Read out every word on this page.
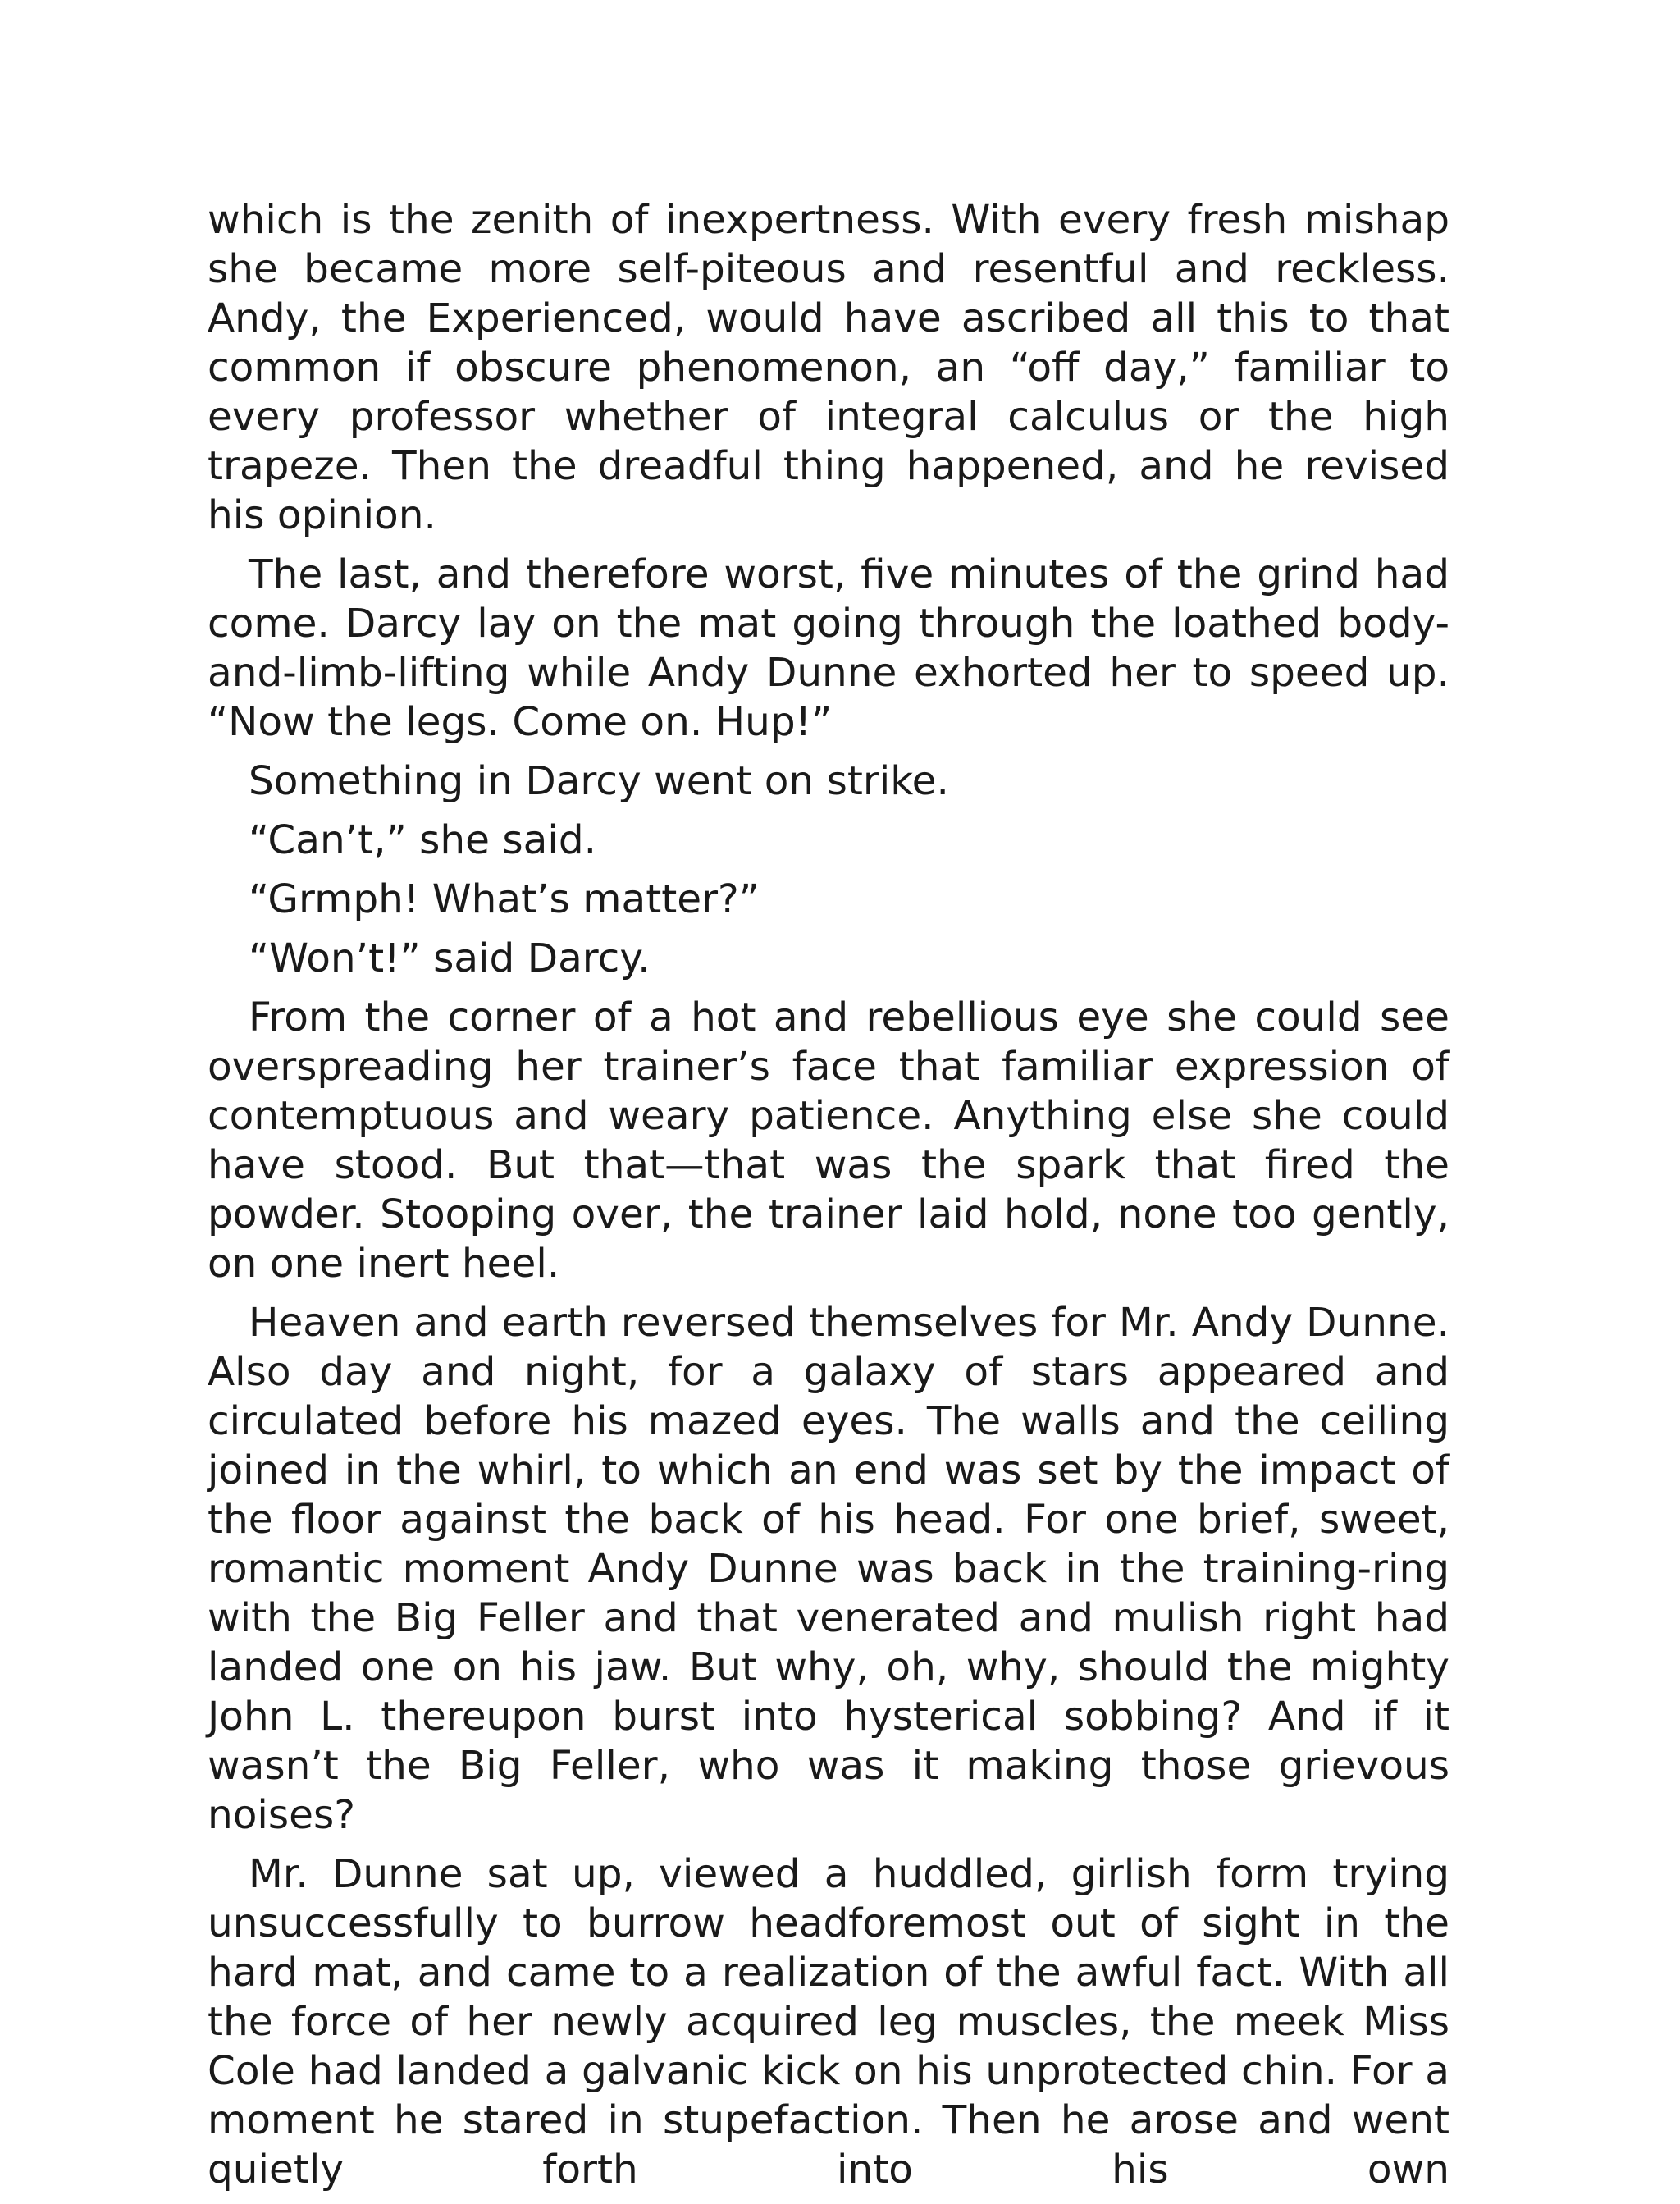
which is the zenith of inexpertness. With every fresh mishap she became more self-piteous and resentful and reckless. Andy, the Experienced, would have ascribed all this to that common if obscure phenomenon, an “off day,” familiar to every professor whether of integral calculus or the high trapeze. Then the dreadful thing happened, and he revised his opinion.

The last, and therefore worst, five minutes of the grind had come. Darcy lay on the mat going through the loathed body-and-limb-lifting while Andy Dunne exhorted her to speed up. “Now the legs. Come on. Hup!”

Something in Darcy went on strike.

“Can’t,” she said.

“Grmph! What’s matter?”

“Won’t!” said Darcy.

From the corner of a hot and rebellious eye she could see overspreading her trainer’s face that familiar expression of contemptuous and weary patience. Anything else she could have stood. But that—that was the spark that fired the powder. Stooping over, the trainer laid hold, none too gently, on one inert heel.

Heaven and earth reversed themselves for Mr. Andy Dunne. Also day and night, for a galaxy of stars appeared and circulated before his mazed eyes. The walls and the ceiling joined in the whirl, to which an end was set by the impact of the floor against the back of his head. For one brief, sweet, romantic moment Andy Dunne was back in the training-ring with the Big Feller and that venerated and mulish right had landed one on his jaw. But why, oh, why, should the mighty John L. thereupon burst into hysterical sobbing? And if it wasn’t the Big Feller, who was it making those grievous noises?

Mr. Dunne sat up, viewed a huddled, girlish form trying unsuccessfully to burrow headforemost out of sight in the hard mat, and came to a realization of the awful fact. With all the force of her newly acquired leg muscles, the meek Miss Cole had landed a galvanic kick on his unprotected chin. For a moment he stared in stupefaction. Then he arose and went quietly forth into his own
